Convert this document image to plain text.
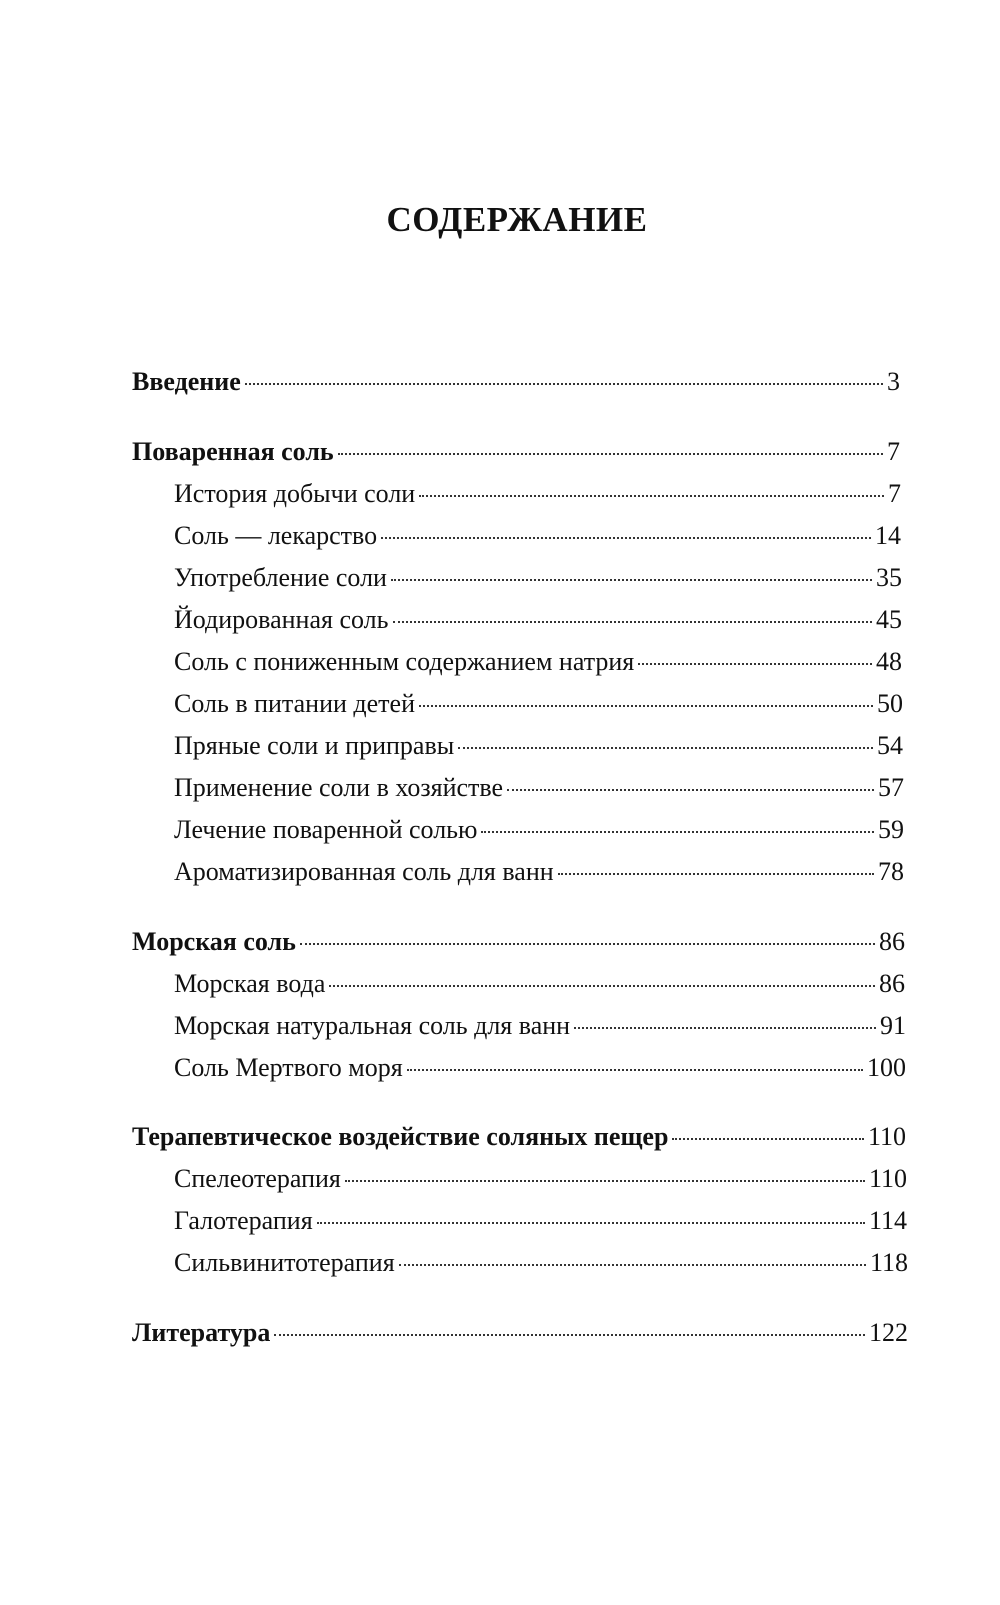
СОДЕРЖАНИЕ
Введение	3
Поваренная соль	7
История добычи соли	7
Соль — лекарство	14
Употребление соли	35
Йодированная соль	45
Соль с пониженным содержанием натрия	48
Соль в питании детей	50
Пряные соли и приправы	54
Применение соли в хозяйстве	57
Лечение поваренной солью	59
Ароматизированная соль для ванн	78
Морская соль	86
Морская вода	86
Морская натуральная соль для ванн	91
Соль Мертвого моря	100
Терапевтическое воздействие соляных пещер	110
Спелеотерапия	110
Галотерапия	114
Сильвинитотерапия	118
Литература	122
